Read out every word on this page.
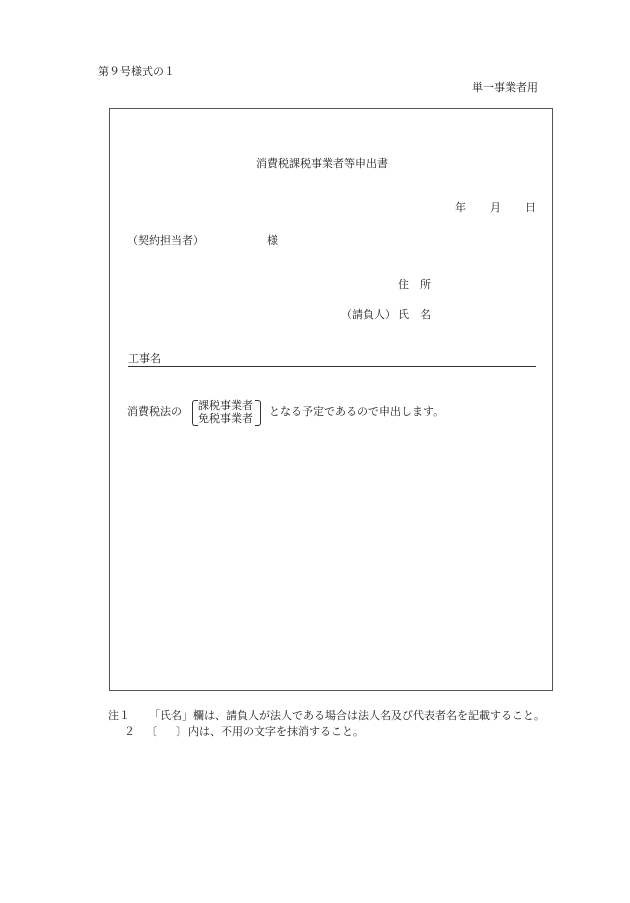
第９号様式の１
単一事業者用
消費税課税事業者等申出書
年 月 日
（契約担当者）	様
住　所
（請負人） 氏　名
工事名
消費税法の 課税事業者
免税事業者
となる予定であるので申出します。
注１ 「氏名」欄は、請負人が法人である場合は法人名及び代表者名を記載すること。
２ 〔 〕 内は、不用の文字を抹消すること。
